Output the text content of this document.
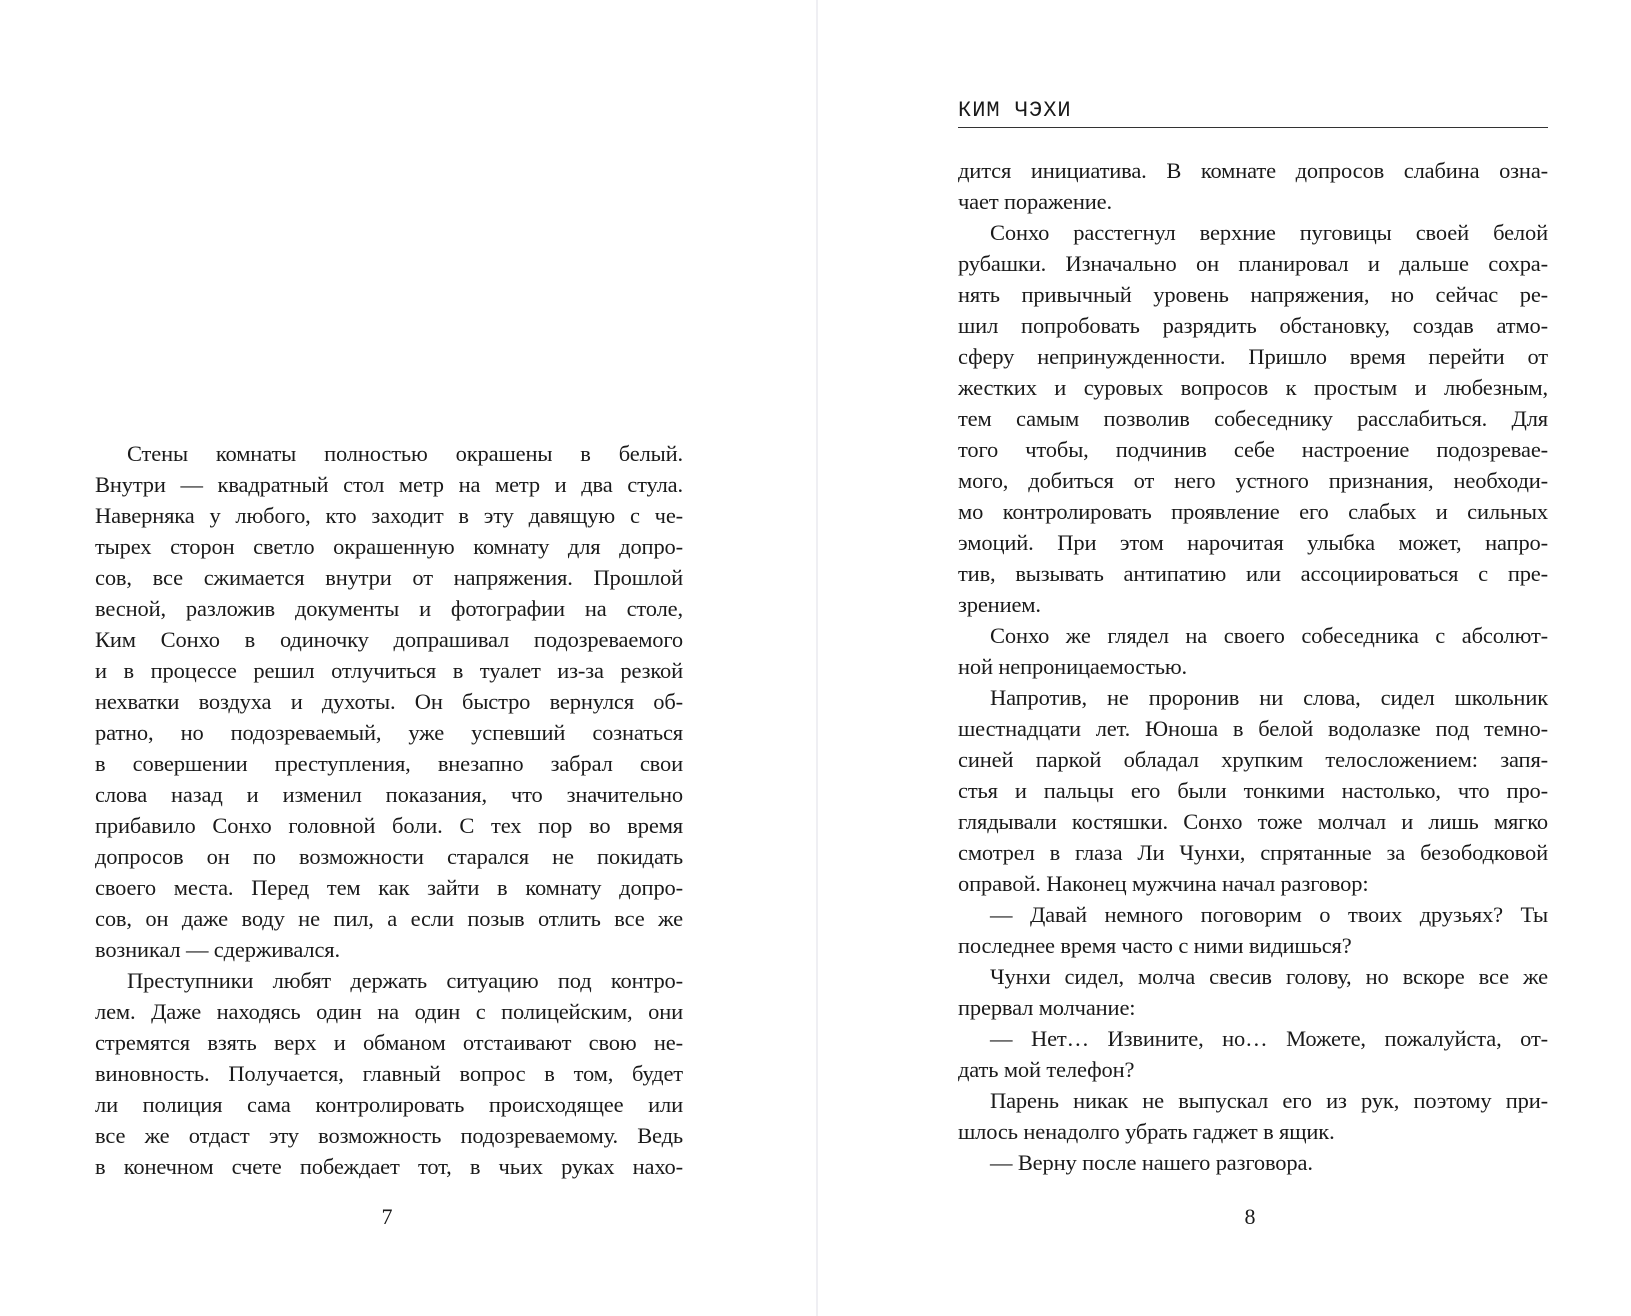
Стены комнаты полностью окрашены в белый.
Внутри — квадратный стол метр на метр и два стула.
Наверняка у любого, кто заходит в эту давящую с че-
тырех сторон светло окрашенную комнату для допро-
сов, все сжимается внутри от напряжения. Прошлой
весной, разложив документы и фотографии на столе,
Ким Сонхо в одиночку допрашивал подозреваемого
и в процессе решил отлучиться в туалет из-за резкой
нехватки воздуха и духоты. Он быстро вернулся об-
ратно, но подозреваемый, уже успевший сознаться
в совершении преступления, внезапно забрал свои
слова назад и изменил показания, что значительно
прибавило Сонхо головной боли. С тех пор во время
допросов он по возможности старался не покидать
своего места. Перед тем как зайти в комнату допро-
сов, он даже воду не пил, а если позыв отлить все же
возникал — сдерживался.
Преступники любят держать ситуацию под контро-
лем. Даже находясь один на один с полицейским, они
стремятся взять верх и обманом отстаивают свою не-
виновность. Получается, главный вопрос в том, будет
ли полиция сама контролировать происходящее или
все же отдаст эту возможность подозреваемому. Ведь
в конечном счете побеждает тот, в чьих руках нахо-
7
КИМ ЧЭХИ
дится инициатива. В комнате допросов слабина озна-
чает поражение.
Сонхо расстегнул верхние пуговицы своей белой
рубашки. Изначально он планировал и дальше сохра-
нять привычный уровень напряжения, но сейчас ре-
шил попробовать разрядить обстановку, создав атмо-
сферу непринужденности. Пришло время перейти от
жестких и суровых вопросов к простым и любезным,
тем самым позволив собеседнику расслабиться. Для
того чтобы, подчинив себе настроение подозревае-
мого, добиться от него устного признания, необходи-
мо контролировать проявление его слабых и сильных
эмоций. При этом нарочитая улыбка может, напро-
тив, вызывать антипатию или ассоциироваться с пре-
зрением.
Сонхо же глядел на своего собеседника с абсолют-
ной непроницаемостью.
Напротив, не проронив ни слова, сидел школьник
шестнадцати лет. Юноша в белой водолазке под темно-
синей паркой обладал хрупким телосложением: запя-
стья и пальцы его были тонкими настолько, что про-
глядывали костяшки. Сонхо тоже молчал и лишь мягко
смотрел в глаза Ли Чунхи, спрятанные за безободковой
оправой. Наконец мужчина начал разговор:
— Давай немного поговорим о твоих друзьях? Ты
последнее время часто с ними видишься?
Чунхи сидел, молча свесив голову, но вскоре все же
прервал молчание:
— Нет… Извините, но… Можете, пожалуйста, от-
дать мой телефон?
Парень никак не выпускал его из рук, поэтому при-
шлось ненадолго убрать гаджет в ящик.
— Верну после нашего разговора.
8
